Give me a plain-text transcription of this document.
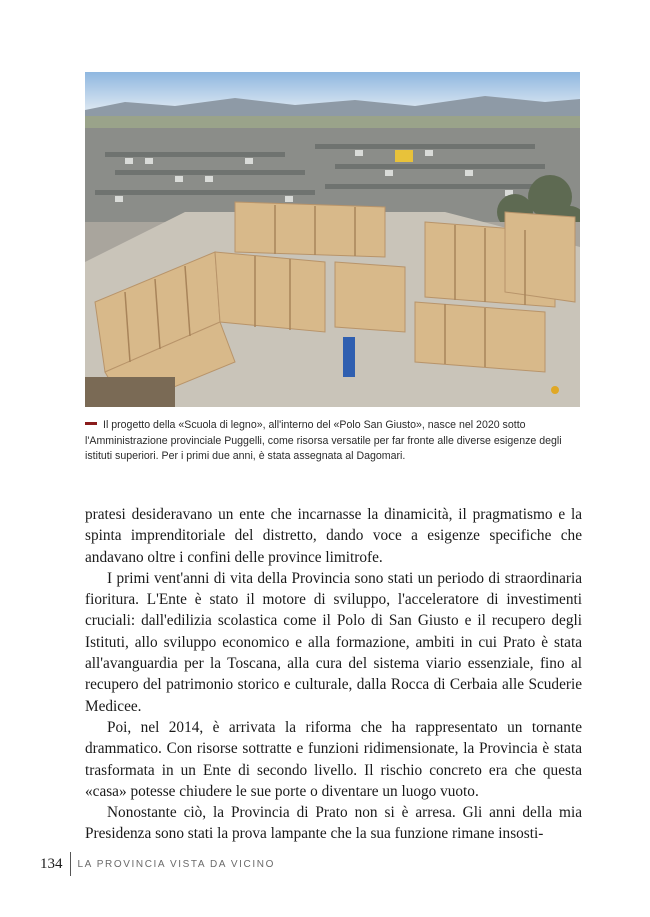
Il progetto della «Scuola di legno», all'interno del «Polo San Giusto», nasce nel 2020 sotto l'Amministrazione provinciale Puggelli, come risorsa versatile per far fronte alle diverse esigenze degli istituti superiori. Per i primi due anni, è stata assegnata al Dagomari.

pratesi desideravano un ente che incarnasse la dinamicità, il pragmatismo e la spinta imprenditoriale del distretto, dando voce a esigenze specifiche che andavano oltre i confini delle province limitrofe.

I primi vent'anni di vita della Provincia sono stati un periodo di straordinaria fioritura. L'Ente è stato il motore di sviluppo, l'acceleratore di investimenti cruciali: dall'edilizia scolastica come il Polo di San Giusto e il recupero degli Istituti, allo sviluppo economico e alla formazione, ambiti in cui Prato è stata all'avanguardia per la Toscana, alla cura del sistema viario essenziale, fino al recupero del patrimonio storico e culturale, dalla Rocca di Cerbaia alle Scuderie Medicee.

Poi, nel 2014, è arrivata la riforma che ha rappresentato un tornante drammatico. Con risorse sottratte e funzioni ridimensionate, la Provincia è stata trasformata in un Ente di secondo livello. Il rischio concreto era che questa «casa» potesse chiudere le sue porte o diventare un luogo vuoto.

Nonostante ciò, la Provincia di Prato non si è arresa. Gli anni della mia Presidenza sono stati la prova lampante che la sua funzione rimane insosti-

134 LA PROVINCIA VISTA DA VICINO
